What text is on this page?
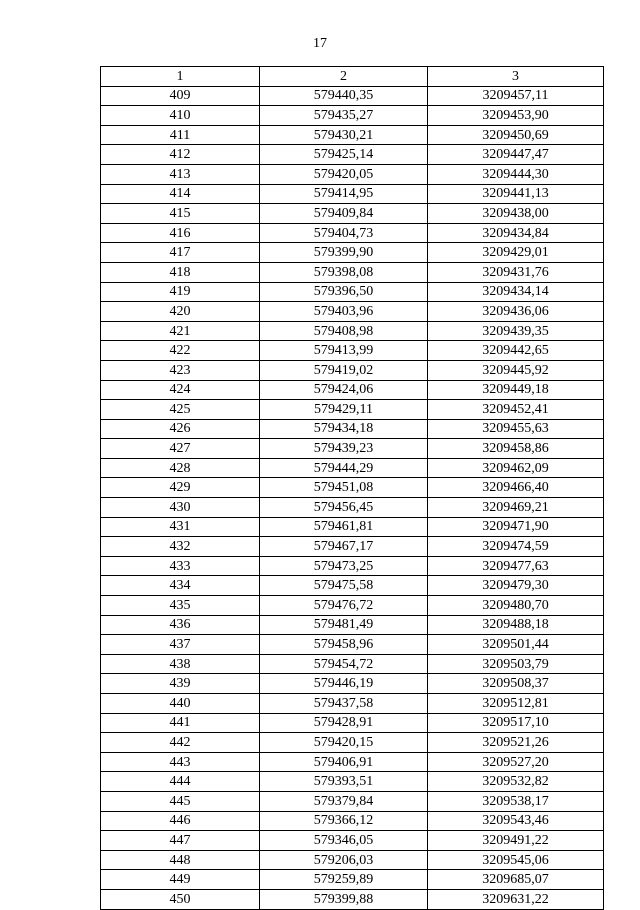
17
1	2	3
409	579440,35	3209457,11
410	579435,27	3209453,90
411	579430,21	3209450,69
412	579425,14	3209447,47
413	579420,05	3209444,30
414	579414,95	3209441,13
415	579409,84	3209438,00
416	579404,73	3209434,84
417	579399,90	3209429,01
418	579398,08	3209431,76
419	579396,50	3209434,14
420	579403,96	3209436,06
421	579408,98	3209439,35
422	579413,99	3209442,65
423	579419,02	3209445,92
424	579424,06	3209449,18
425	579429,11	3209452,41
426	579434,18	3209455,63
427	579439,23	3209458,86
428	579444,29	3209462,09
429	579451,08	3209466,40
430	579456,45	3209469,21
431	579461,81	3209471,90
432	579467,17	3209474,59
433	579473,25	3209477,63
434	579475,58	3209479,30
435	579476,72	3209480,70
436	579481,49	3209488,18
437	579458,96	3209501,44
438	579454,72	3209503,79
439	579446,19	3209508,37
440	579437,58	3209512,81
441	579428,91	3209517,10
442	579420,15	3209521,26
443	579406,91	3209527,20
444	579393,51	3209532,82
445	579379,84	3209538,17
446	579366,12	3209543,46
447	579346,05	3209491,22
448	579206,03	3209545,06
449	579259,89	3209685,07
450	579399,88	3209631,22
